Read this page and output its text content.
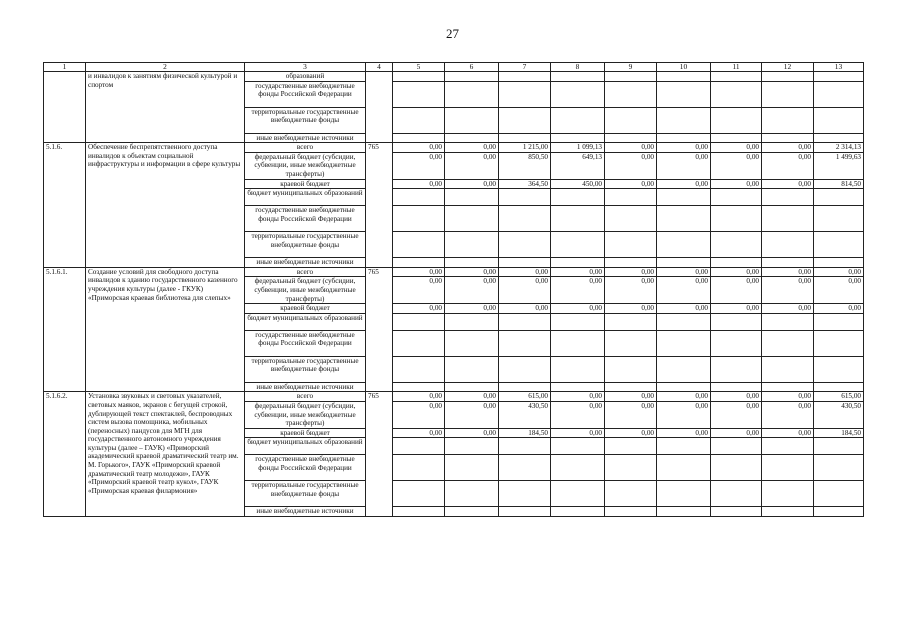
27
1	2	3	4	5	6	7	8	9	10	11	12	13
	и инвалидов к занятиям физической культурой и спортом	образований										
		государственные внебюджетные фонды Российской Федерации										
		территориальные государственные внебюджетные фонды										
		иные внебюджетные источники										
5.1.6.	Обеспечение беспрепятственного доступа инвалидов к объектам социальной инфраструктуры и информации в сфере культуры	всего	765	0,00	0,00	1 215,00	1 099,13	0,00	0,00	0,00	0,00	2 314,13
		федеральный бюджет (субсидии, субвенции, иные межбюджетные трансферты)		0,00	0,00	850,50	649,13	0,00	0,00	0,00	0,00	1 499,63
		краевой бюджет		0,00	0,00	364,50	450,00	0,00	0,00	0,00	0,00	814,50
		бюджет муниципальных образований										
		государственные внебюджетные фонды Российской Федерации										
		территориальные государственные внебюджетные фонды										
		иные внебюджетные источники										
5.1.6.1.	Создание условий для свободного доступа инвалидов к зданию государственного казенного учреждения культуры (далее - ГКУК) «Приморская краевая библиотека для слепых»	всего	765	0,00	0,00	0,00	0,00	0,00	0,00	0,00	0,00	0,00
		федеральный бюджет (субсидии, субвенции, иные межбюджетные трансферты)		0,00	0,00	0,00	0,00	0,00	0,00	0,00	0,00	0,00
		краевой бюджет		0,00	0,00	0,00	0,00	0,00	0,00	0,00	0,00	0,00
		бюджет муниципальных образований										
		государственные внебюджетные фонды Российской Федерации										
		территориальные государственные внебюджетные фонды										
		иные внебюджетные источники										
5.1.6.2.	Установка звуковых и световых указателей, световых маяков, экранов с бегущей строкой, дублирующей текст спектаклей, беспроводных систем вызова помощника, мобильных (переносных) пандусов для МГН для государственного автономного учреждения культуры (далее – ГАУК) «Приморский академический краевой драматический театр им. М. Горького», ГАУК «Приморский краевой драматический театр молодежи», ГАУК «Приморский краевой театр кукол», ГАУК «Приморская краевая филармония»	всего	765	0,00	0,00	615,00	0,00	0,00	0,00	0,00	0,00	615,00
		федеральный бюджет (субсидии, субвенции, иные межбюджетные трансферты)		0,00	0,00	430,50	0,00	0,00	0,00	0,00	0,00	430,50
		краевой бюджет		0,00	0,00	184,50	0,00	0,00	0,00	0,00	0,00	184,50
		бюджет муниципальных образований										
		государственные внебюджетные фонды Российской Федерации										
		территориальные государственные внебюджетные фонды										
		иные внебюджетные источники										
